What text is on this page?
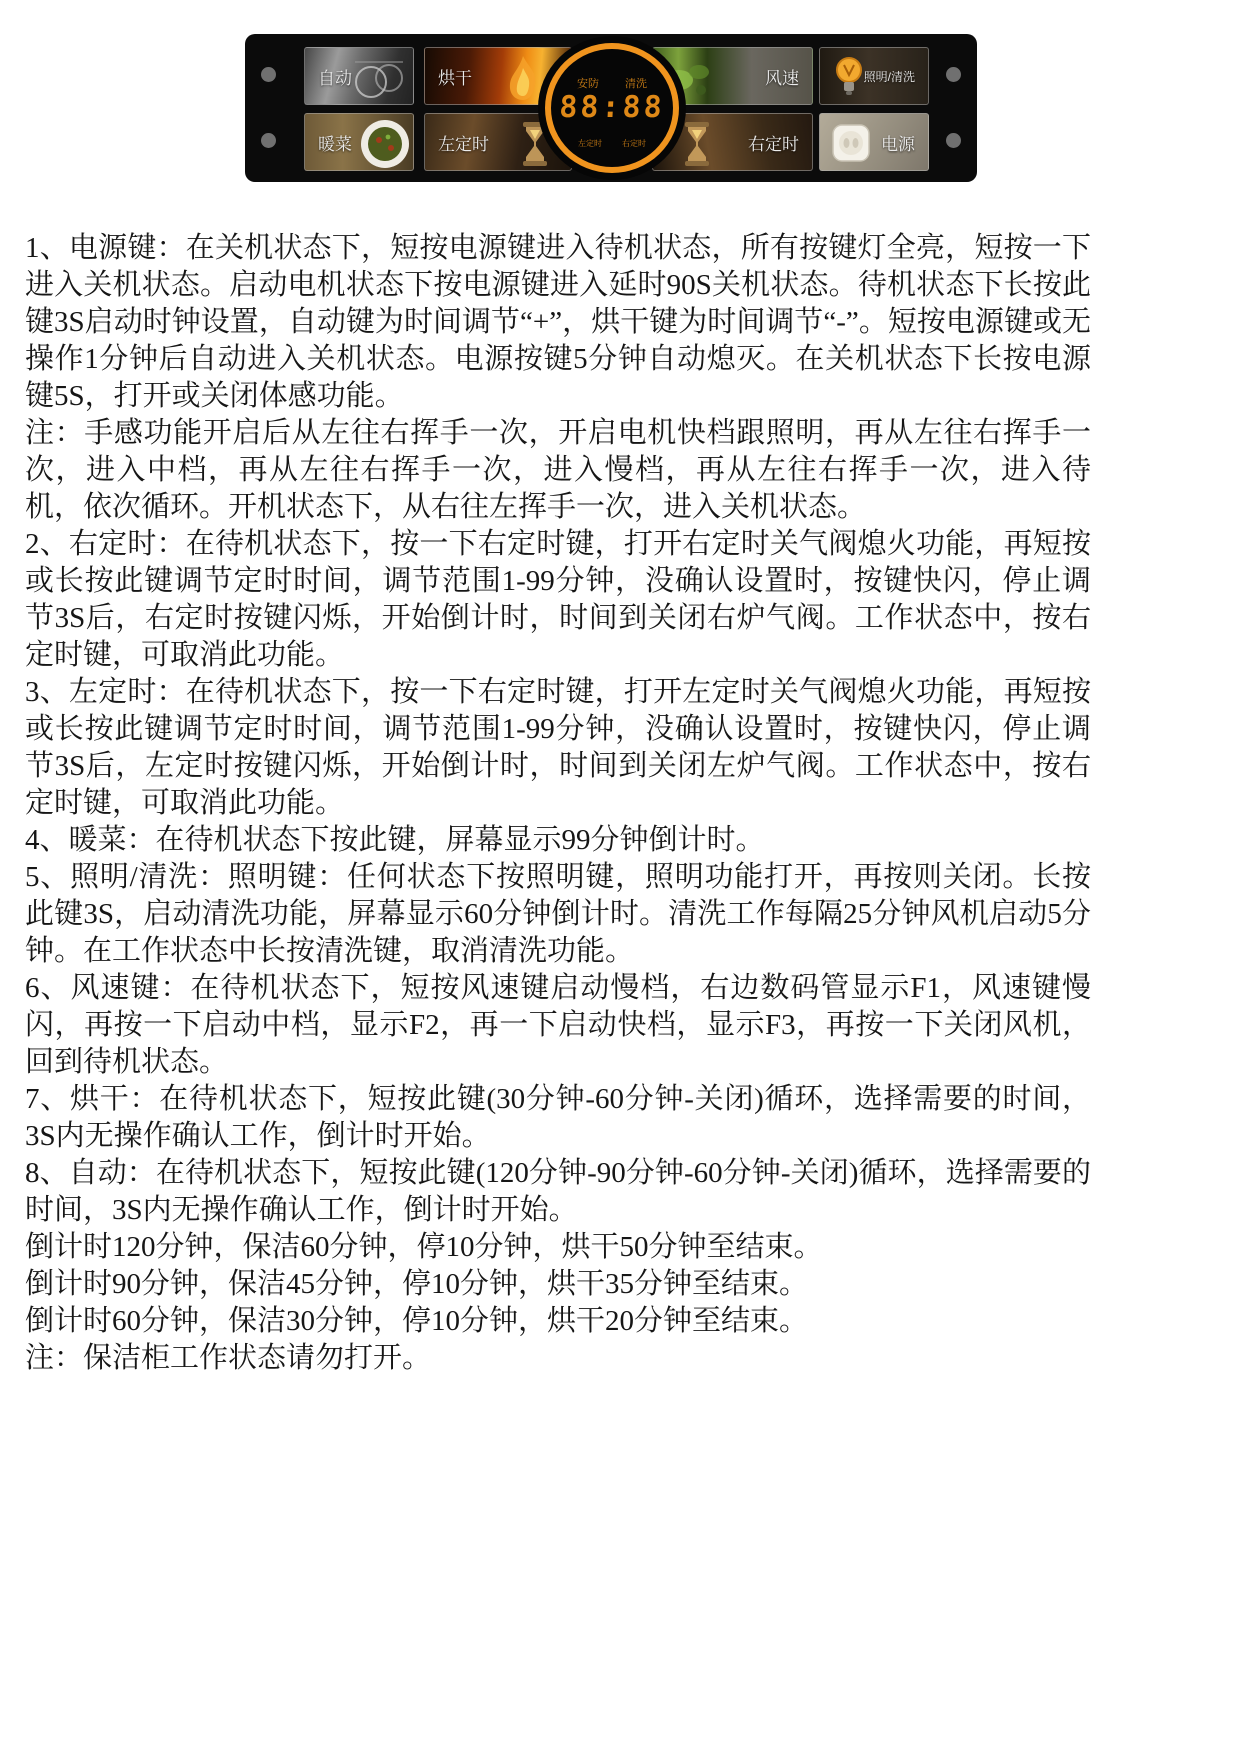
自动	烘干	风速	照明/清洗
暖菜	左定时	右定时	电源
安防 清洗
88:88
左定时	右定时

1、电源键：在关机状态下，短按电源键进入待机状态，所有按键灯全亮，短按一下进入关机状态。启动电机状态下按电源键进入延时90S关机状态。待机状态下长按此键3S启动时钟设置，自动键为时间调节“+”，烘干键为时间调节“-”。短按电源键或无操作1分钟后自动进入关机状态。电源按键5分钟自动熄灭。在关机状态下长按电源键5S，打开或关闭体感功能。

注：手感功能开启后从左往右挥手一次，开启电机快档跟照明，再从左往右挥手一次，进入中档，再从左往右挥手一次，进入慢档，再从左往右挥手一次，进入待机，依次循环。开机状态下，从右往左挥手一次，进入关机状态。

2、右定时：在待机状态下，按一下右定时键，打开右定时关气阀熄火功能，再短按或长按此键调节定时时间，调节范围1-99分钟，没确认设置时，按键快闪，停止调节3S后，右定时按键闪烁，开始倒计时，时间到关闭右炉气阀。工作状态中，按右定时键，可取消此功能。

3、左定时：在待机状态下，按一下右定时键，打开左定时关气阀熄火功能，再短按或长按此键调节定时时间，调节范围1-99分钟，没确认设置时，按键快闪，停止调节3S后，左定时按键闪烁，开始倒计时，时间到关闭左炉气阀。工作状态中，按右定时键，可取消此功能。

4、暖菜：在待机状态下按此键，屏幕显示99分钟倒计时。

5、照明/清洗：照明键：任何状态下按照明键，照明功能打开，再按则关闭。长按此键3S，启动清洗功能，屏幕显示60分钟倒计时。清洗工作每隔25分钟风机启动5分钟。在工作状态中长按清洗键，取消清洗功能。

6、风速键：在待机状态下，短按风速键启动慢档，右边数码管显示F1，风速键慢闪，再按一下启动中档，显示F2，再一下启动快档，显示F3，再按一下关闭风机，回到待机状态。

7、烘干：在待机状态下，短按此键(30分钟-60分钟-关闭)循环，选择需要的时间，3S内无操作确认工作，倒计时开始。

8、自动：在待机状态下，短按此键(120分钟-90分钟-60分钟-关闭)循环，选择需要的时间，3S内无操作确认工作，倒计时开始。

倒计时120分钟，保洁60分钟，停10分钟，烘干50分钟至结束。

倒计时90分钟，保洁45分钟，停10分钟，烘干35分钟至结束。

倒计时60分钟，保洁30分钟，停10分钟，烘干20分钟至结束。

注：保洁柜工作状态请勿打开。
